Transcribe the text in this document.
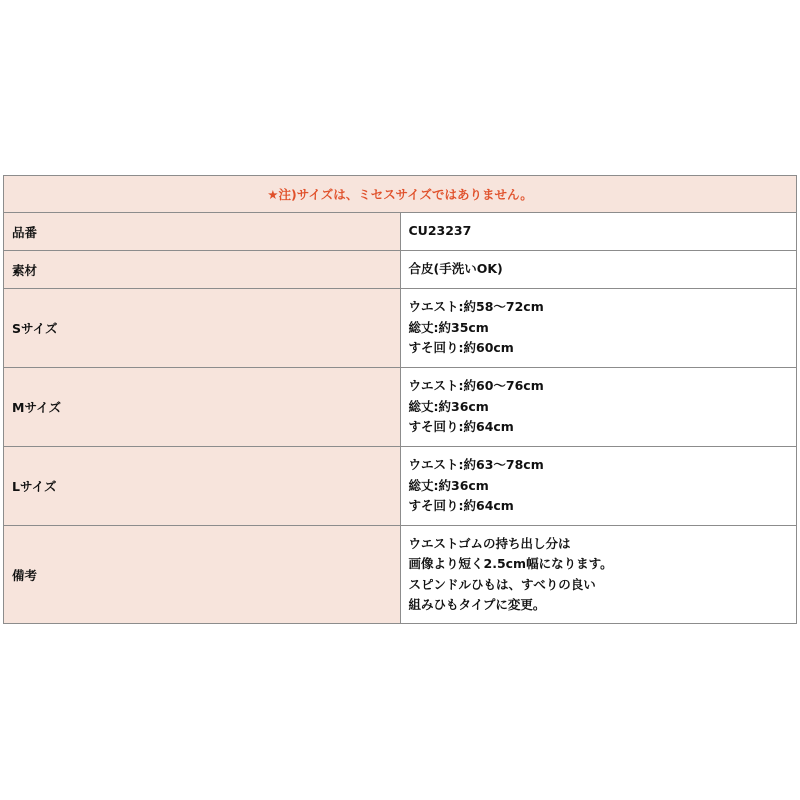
★注)サイズは、ミセスサイズではありません。	
品番	CU23237

素材	合皮(手洗いOK)

Sサイズ	ウエスト:約58～72cm
総丈:約35cm
すそ回り:約60cm

Mサイズ	ウエスト:約60～76cm
総丈:約36cm
すそ回り:約64cm

Lサイズ	ウエスト:約63～78cm
総丈:約36cm
すそ回り:約64cm

備考	ウエストゴムの持ち出し分は
画像より短く2.5cm幅になります。
スピンドルひもは、すべりの良い
組みひもタイプに変更。
